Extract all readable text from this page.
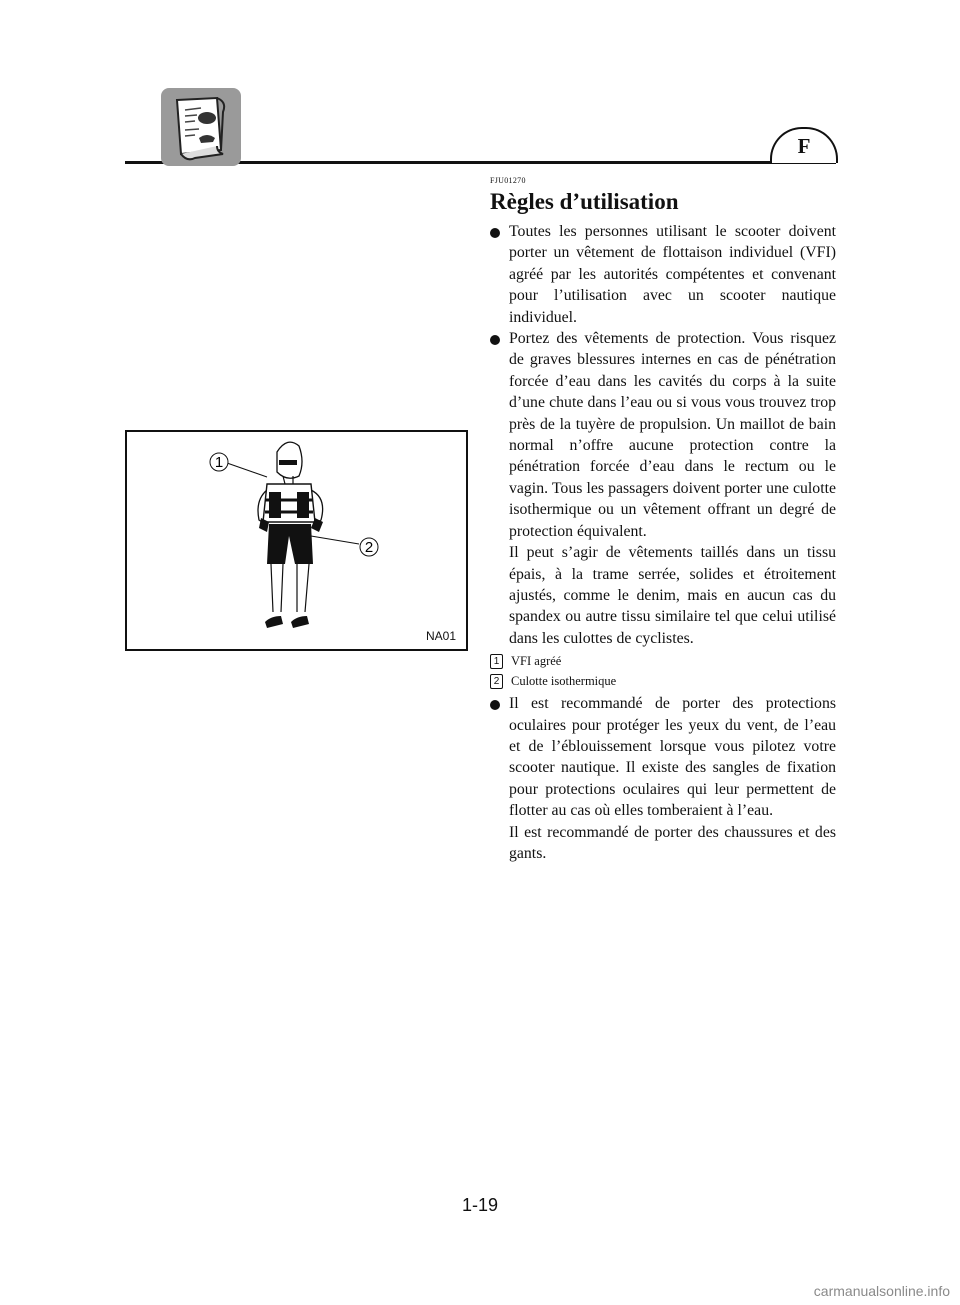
F
1
2
NA01
FJU01270
Règles d’utilisation
Toutes les personnes utilisant le scooter doivent porter un vêtement de flottaison individuel (VFI) agréé par les autorités compétentes et convenant pour l’utilisation avec un scooter nautique individuel.
Portez des vêtements de protection. Vous risquez de graves blessures internes en cas de pénétration forcée d’eau dans les cavités du corps à la suite d’une chute dans l’eau ou si vous vous trouvez trop près de la tuyère de propulsion. Un maillot de bain normal n’offre aucune protection contre la pénétration forcée d’eau dans le rectum ou le vagin. Tous les passagers doivent porter une culotte isothermique ou un vêtement offrant un degré de protection équivalent.
Il peut s’agir de vêtements taillés dans un tissu épais, à la trame serrée, solides et étroitement ajustés, comme le denim, mais en aucun cas du spandex ou autre tissu similaire tel que celui utilisé dans les culottes de cyclistes.
1 VFI agréé
2 Culotte isothermique
Il est recommandé de porter des protections oculaires pour protéger les yeux du vent, de l’eau et de l’éblouissement lorsque vous pilotez votre scooter nautique. Il existe des sangles de fixation pour protections oculaires qui leur permettent de flotter au cas où elles tomberaient à l’eau.
Il est recommandé de porter des chaussures et des gants.
1-19
carmanualsonline.info
